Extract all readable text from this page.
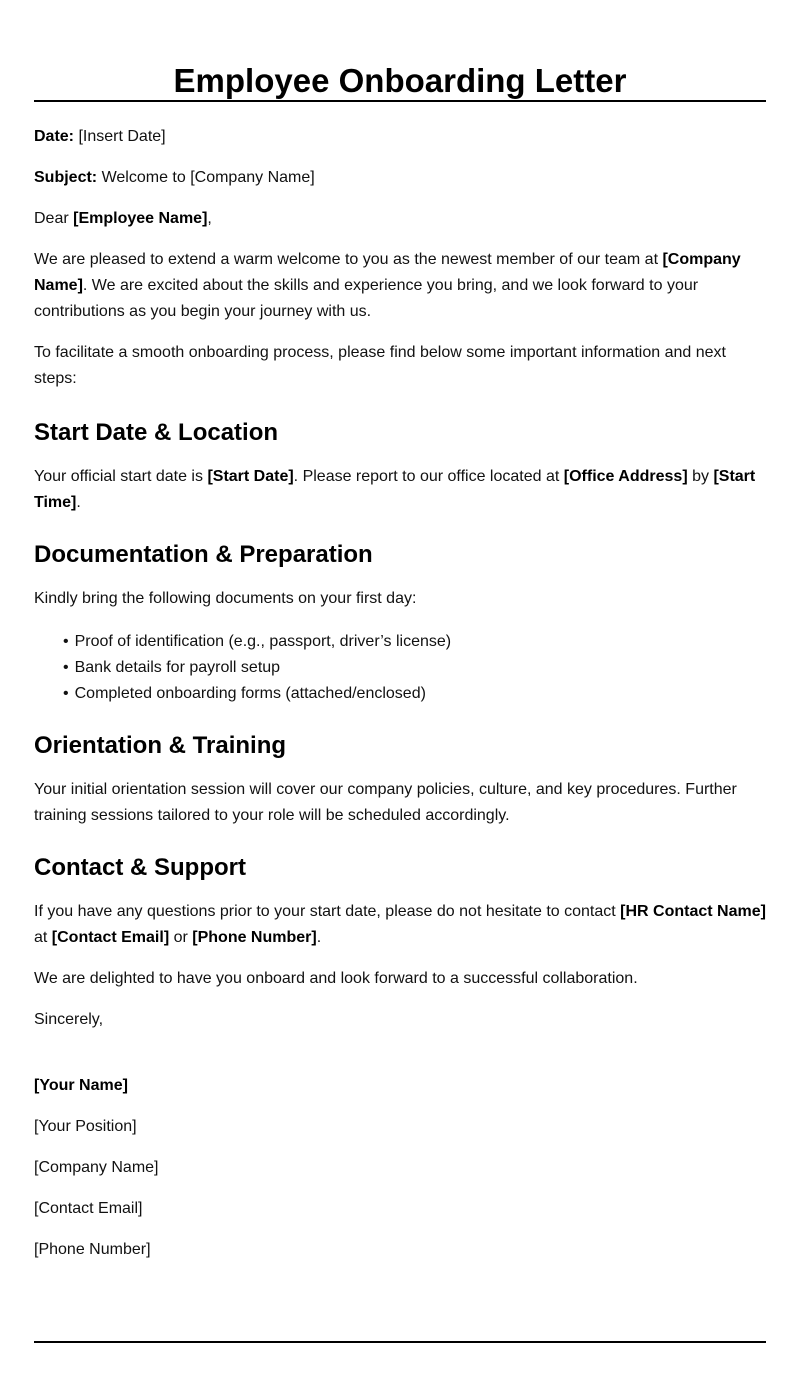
Employee Onboarding Letter

Date: [Insert Date]

Subject: Welcome to [Company Name]

Dear [Employee Name],

We are pleased to extend a warm welcome to you as the newest member of our team at [Company Name]. We are excited about the skills and experience you bring, and we look forward to your contributions as you begin your journey with us.

To facilitate a smooth onboarding process, please find below some important information and next steps:

Start Date & Location

Your official start date is [Start Date]. Please report to our office located at [Office Address] by [Start Time].

Documentation & Preparation

Kindly bring the following documents on your first day:

• Proof of identification (e.g., passport, driver’s license)
• Bank details for payroll setup
• Completed onboarding forms (attached/enclosed)
Orientation & Training

Your initial orientation session will cover our company policies, culture, and key procedures. Further training sessions tailored to your role will be scheduled accordingly.

Contact & Support

If you have any questions prior to your start date, please do not hesitate to contact [HR Contact Name] at [Contact Email] or [Phone Number].

We are delighted to have you onboard and look forward to a successful collaboration.

Sincerely,

[Your Name]

[Your Position]

[Company Name]

[Contact Email]

[Phone Number]
